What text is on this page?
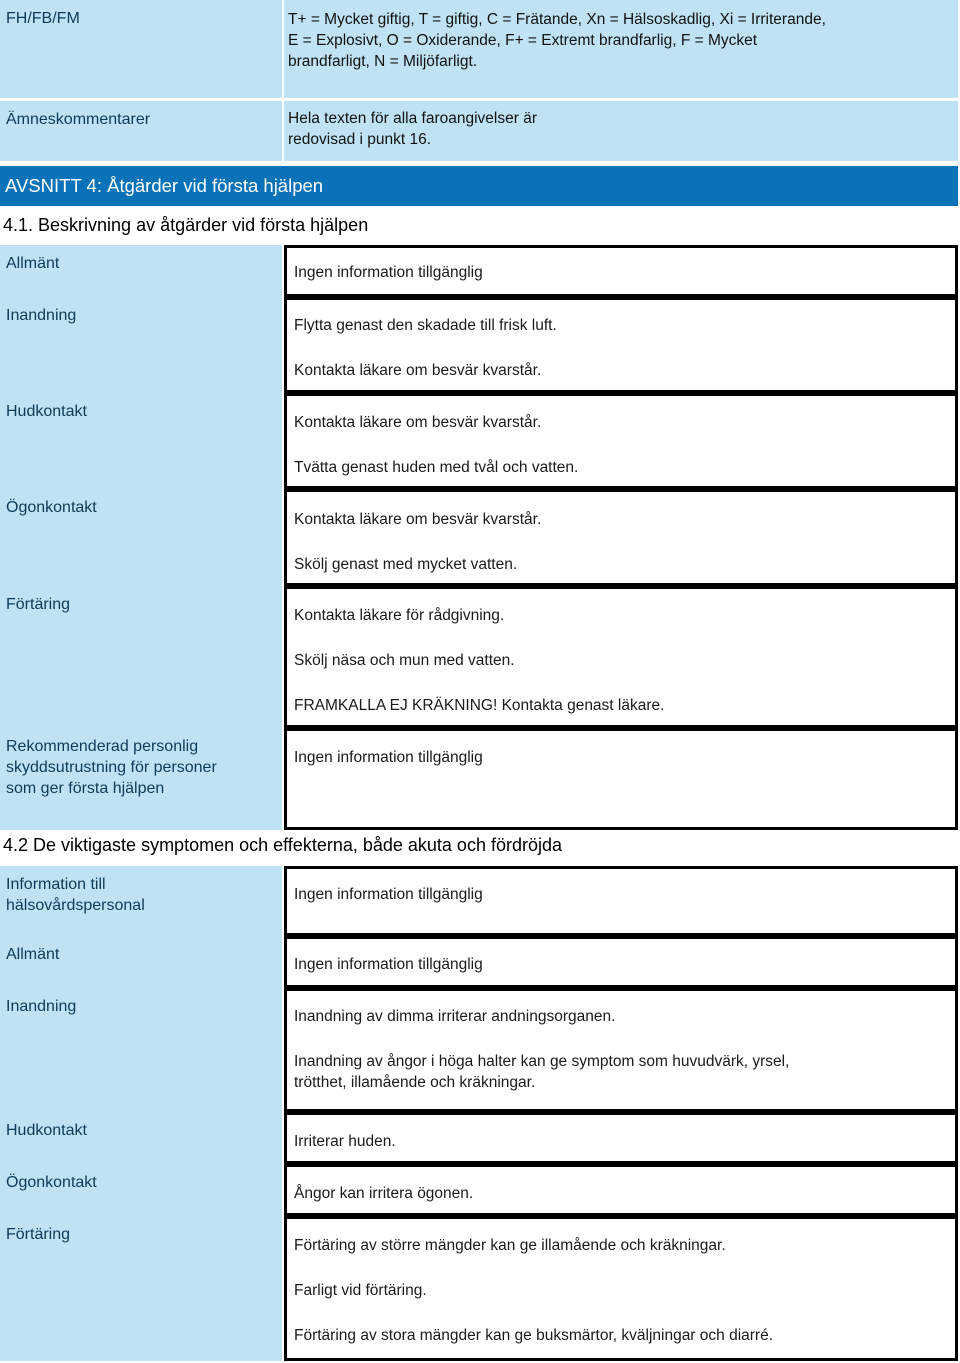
FH/FB/FM	T+ = Mycket giftig, T = giftig, C = Frätande, Xn = Hälsoskadlig, Xi = Irriterande,
E = Explosivt, O = Oxiderande, F+ = Extremt brandfarlig, F = Mycket
brandfarligt, N = Miljöfarligt.
Ämneskommentarer	Hela texten för alla faroangivelser är
redovisad i punkt 16.
AVSNITT 4: Åtgärder vid första hjälpen
4.1. Beskrivning av åtgärder vid första hjälpen
Allmänt
Ingen information tillgänglig
Inandning
Flytta genast den skadade till frisk luft.
Kontakta läkare om besvär kvarstår.
Hudkontakt
Kontakta läkare om besvär kvarstår.
Tvätta genast huden med tvål och vatten.
Ögonkontakt
Kontakta läkare om besvär kvarstår.
Skölj genast med mycket vatten.
Förtäring
Kontakta läkare för rådgivning.
Skölj näsa och mun med vatten.
FRAMKALLA EJ KRÄKNING! Kontakta genast läkare.
Rekommenderad personlig
skyddsutrustning för personer
som ger första hjälpen
Ingen information tillgänglig
4.2 De viktigaste symptomen och effekterna, både akuta och fördröjda
Information till
hälsovårdspersonal
Ingen information tillgänglig
Allmänt
Ingen information tillgänglig
Inandning
Inandning av dimma irriterar andningsorganen.
Inandning av ångor i höga halter kan ge symptom som huvudvärk, yrsel,
trötthet, illamående och kräkningar.
Hudkontakt
Irriterar huden.
Ögonkontakt
Ångor kan irritera ögonen.
Förtäring
Förtäring av större mängder kan ge illamående och kräkningar.
Farligt vid förtäring.
Förtäring av stora mängder kan ge buksmärtor, kväljningar och diarré.
